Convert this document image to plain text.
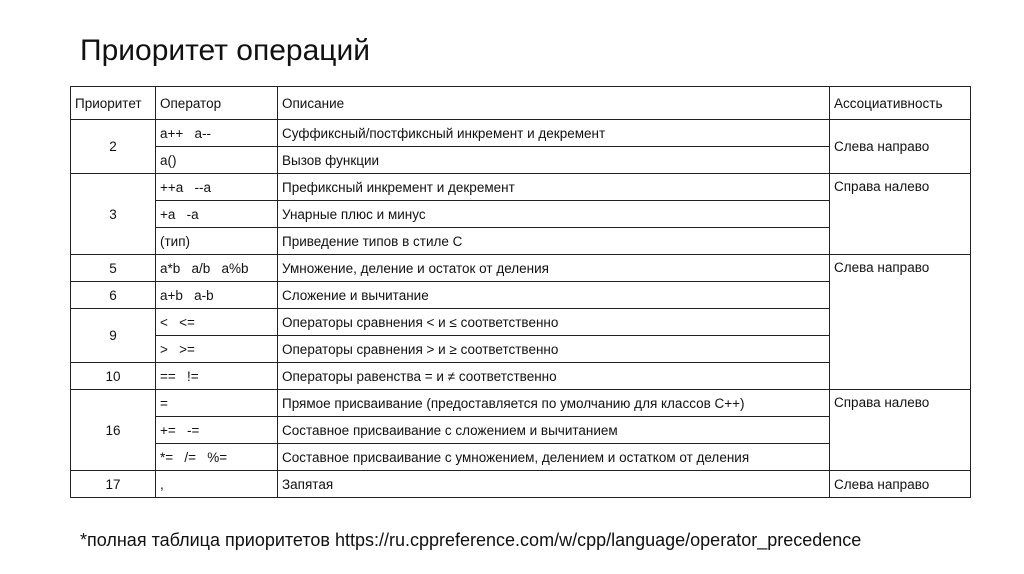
Приоритет операций
Приоритет	Оператор	Описание	Ассоциативность
2	a++   a--	Суффиксный/постфиксный инкремент и декремент	Слева направо
	a()	Вызов функции	
3	++a   --a	Префиксный инкремент и декремент	Справа налево
	+a   -a	Унарные плюс и минус	
	(тип)	Приведение типов в стиле C	
5	a*b   a/b   a%b	Умножение, деление и остаток от деления	Слева направо
6	a+b   a-b	Сложение и вычитание	
9	<   <=	Операторы сравнения < и ≤ соответственно	
	>   >=	Операторы сравнения > и ≥ соответственно	
10	==   !=	Операторы равенства = и ≠ соответственно	
16	=	Прямое присваивание (предоставляется по умолчанию для классов C++)	Справа налево
	+=   -=	Составное присваивание с сложением и вычитанием	
	*=   /=   %=	Составное присваивание с умножением, делением и остатком от деления	
17	,	Запятая	Слева направо
*полная таблица приоритетов https://ru.cppreference.com/w/cpp/language/operator_precedence
